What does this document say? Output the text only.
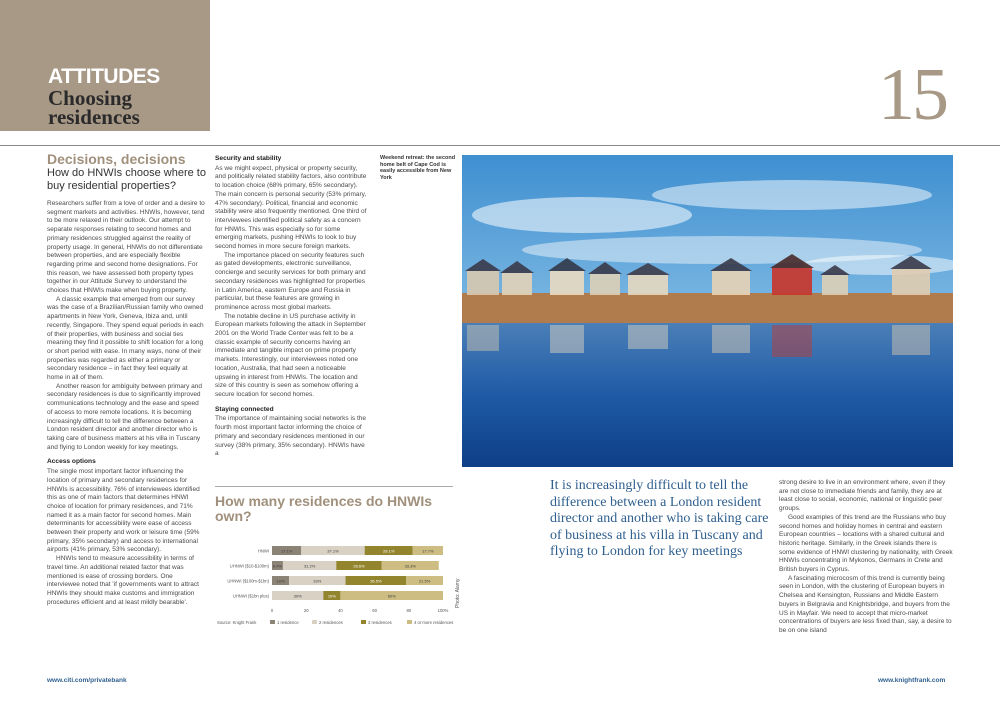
ATTITUDES
Choosing
residences	15
Decisions, decisions
How do HNWIs choose where to buy residential properties?

Researchers suffer from a love of order and a desire to segment markets and activities. HNWIs, however, tend to be more relaxed in their outlook. Our attempt to separate responses relating to second homes and primary residences struggled against the reality of property usage. In general, HNWIs do not differentiate between properties, and are especially flexible regarding prime and second home designations. For this reason, we have assessed both property types together in our Attitude Survey to understand the choices that HNWIs make when buying property.

A classic example that emerged from our survey was the case of a Brazilian/Russian family who owned apartments in New York, Geneva, Ibiza and, until recently, Singapore. They spend equal periods in each of their properties, with business and social ties meaning they find it possible to shift location for a long or short period with ease. In many ways, none of their properties was regarded as either a primary or secondary residence – in fact they feel equally at home in all of them.

Another reason for ambiguity between primary and secondary residences is due to significantly improved communications technology and the ease and speed of access to more remote locations. It is becoming increasingly difficult to tell the difference between a London resident director and another director who is taking care of business matters at his villa in Tuscany and flying to London weekly for key meetings.

Access options

The single most important factor influencing the location of primary and secondary residences for HNWIs is accessibility. 76% of interviewees identified this as one of main factors that determines HNWI choice of location for primary residences, and 71% named it as a main factor for second homes. Main determinants for accessibility were ease of access between their property and work or leisure time (59% primary, 35% secondary) and access to international airports (41% primary, 53% secondary).

HNWIs tend to measure accessibility in terms of travel time. An additional related factor that was mentioned is ease of crossing borders. One interviewee noted that 'if governments want to attract HNWIs they should make customs and immigration procedures efficient and at least mildly bearable'.

Security and stability

As we might expect, physical or property security, and politically related stability factors, also contribute to location choice (68% primary, 65% secondary). The main concern is personal security (53% primary, 47% secondary). Political, financial and economic stability were also frequently mentioned. One third of interviewees identified political safety as a concern for HNWIs. This was especially so for some emerging markets, pushing HNWIs to look to buy second homes in more secure foreign markets.

The importance placed on security features such as gated developments, electronic surveillance, concierge and security services for both primary and secondary residences was highlighted for properties in Latin America, eastern Europe and Russia in particular, but these features are growing in prominence across most global markets.

The notable decline in US purchase activity in European markets following the attack in September 2001 on the World Trade Center was felt to be a classic example of security concerns having an immediate and tangible impact on prime property markets. Interestingly, our interviewees noted one location, Australia, that had seen a noticeable upswing in interest from HNWIs. The location and size of this country is seen as somehow offering a secure location for second homes.

Staying connected

The importance of maintaining social networks is the fourth most important factor informing the choice of primary and secondary residences mentioned in our survey (38% primary, 35% secondary). HNWIs have a

Weekend retreat: the second home belt of Cape Cod is easily accessible from New York
Photo: Alamy
It is increasingly difficult to tell the difference between a London resident director and another who is taking care of business at his villa in Tuscany and flying to London for key meetings

strong desire to live in an environment where, even if they are not close to immediate friends and family, they are at least close to social, economic, national or linguistic peer groups.

Good examples of this trend are the Russians who buy second homes and holiday homes in central and eastern European countries – locations with a shared cultural and historic heritage. Similarly, in the Greek islands there is some evidence of HNWI clustering by nationality, with Greek HNWIs concentrating in Mykonos, Germans in Crete and British buyers in Cyprus.

A fascinating microcosm of this trend is currently being seen in London, with the clustering of European buyers in Chelsea and Kensington, Russians and Middle Eastern buyers in Belgravia and Knightsbridge, and buyers from the US in Mayfair. We need to accept that micro-market concentrations of buyers are less fixed than, say, a desire to be on one island

How many residences do HNWIs own?
HNWI	17.1%	37.1%	28.1%	17.7%
UHNWI ($10-$100m) 6.4%	31.2%	26.6%	33.3%
UHNWI ($100m-$1bn) 10%	33%	35.5%	21.5%
UHNWI ($1bn plus)	30%	10%	60%
0	20	40	60	80	100%
Source: Knight Frank	1 residence	2 residences	3 residences	4 or more residences
www.citi.com/privatebank	www.knightfrank.com
